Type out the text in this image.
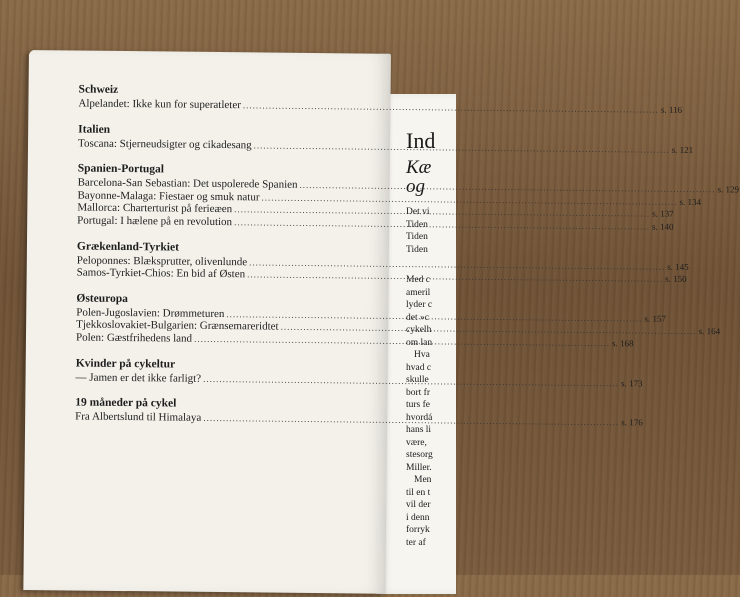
Ind
Kæ
og
Det vi
Tiden
Tiden
Tiden
Med c
ameril
lyder c
det »c
cykelh
om lan
Hva
hvad c
skulle
bort fr
turs fe
hvordá
hans li
være,
stesorg
Miller.
Men
til en t
vil der
i denn
forryk
ter af
Schweiz
Alpelandet: Ikke kun for superatleter .....	s. 116
Italien
Toscana: Stjerneudsigter og cikadesang .....	s. 121
Spanien-Portugal
Barcelona-San Sebastian: Det uspolerede Spanien .....	s. 129
Bayonne-Malaga: Fiestaer og smuk natur .....	s. 134
Mallorca: Charterturist på ferieæen .....	s. 137
Portugal: I hælene på en revolution .....	s. 140
Grækenland-Tyrkiet
Peloponnes: Blæksprutter, olivenlunde .....	s. 145
Samos-Tyrkiet-Chios: En bid af Østen .....	s. 150
Østeuropa
Polen-Jugoslavien: Drømmeturen .....	s. 157
Tjekkoslovakiet-Bulgarien: Grænsemareridtet .....	s. 164
Polen: Gæstfrihedens land .....	s. 168
Kvinder på cykeltur
— Jamen er det ikke farligt? .....	s. 173
19 måneder på cykel
Fra Albertslund til Himalaya .....	s. 176
